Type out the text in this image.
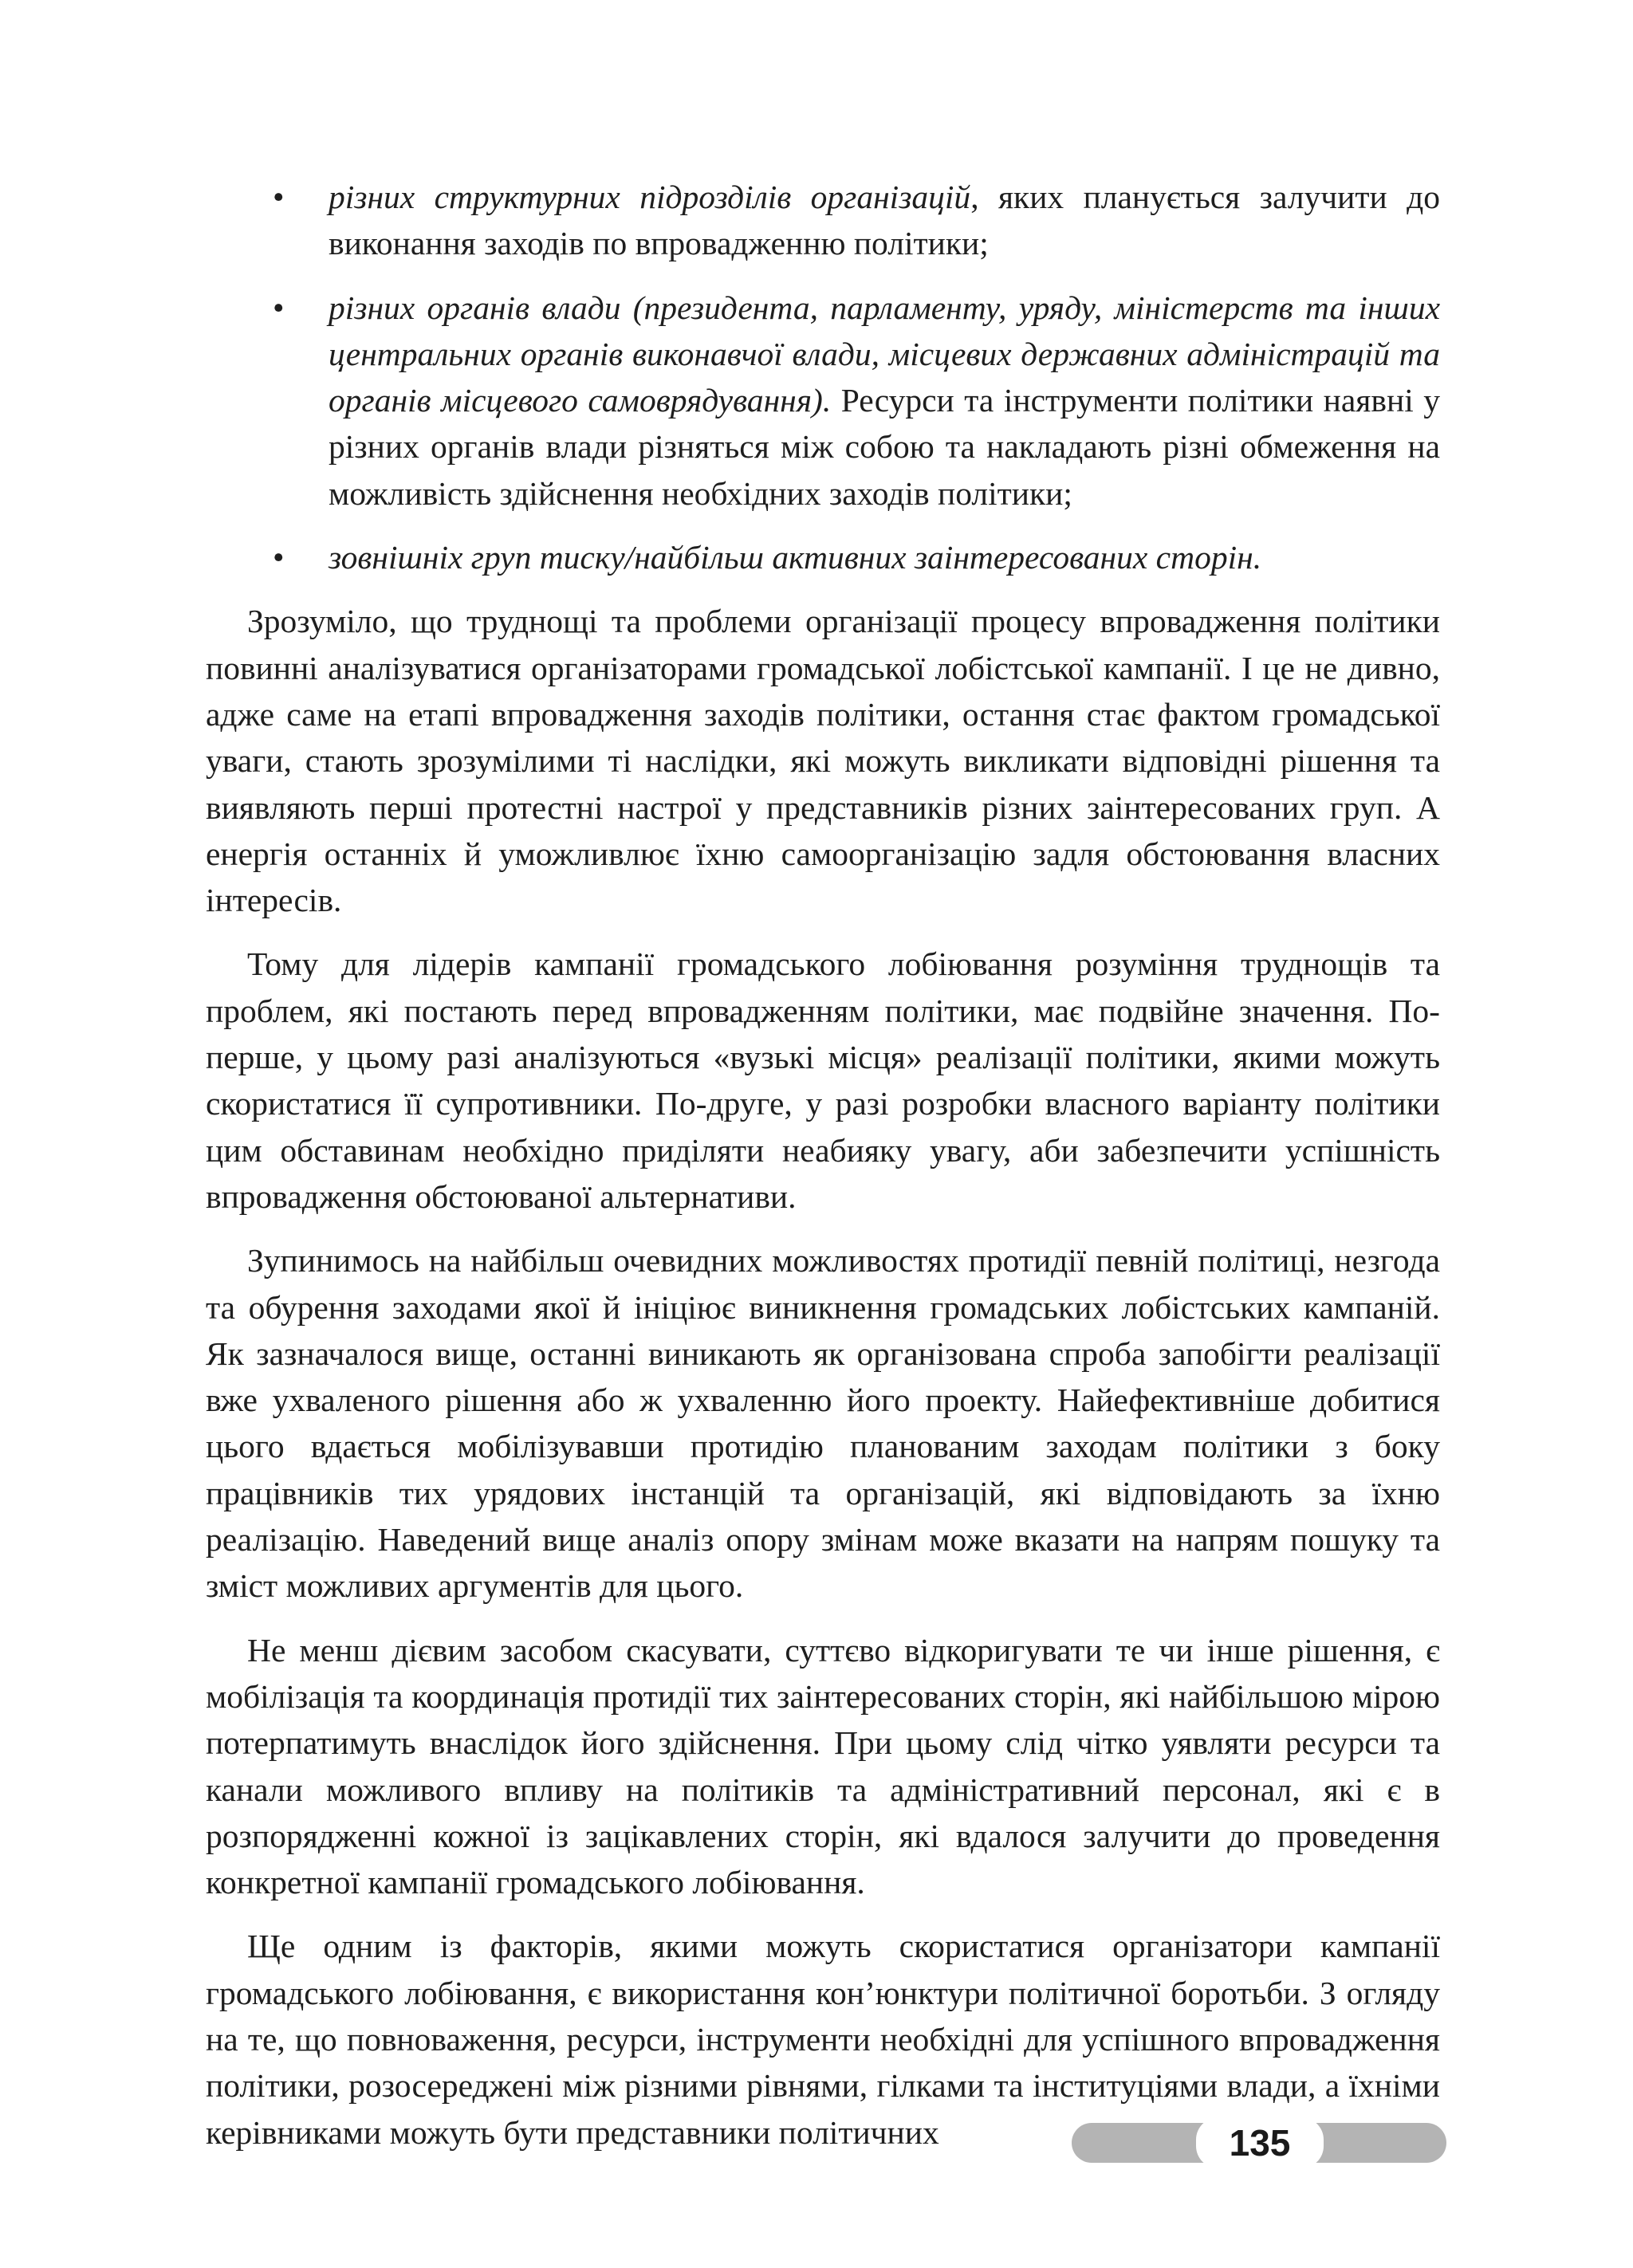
• різних структурних підрозділів організацій, яких планується залучити до виконання заходів по впровадженню політики;
• різних органів влади (президента, парламенту, уряду, міністерств та інших центральних органів виконавчої влади, місцевих державних адміністрацій та органів місцевого самоврядування). Ресурси та інструменти політики наявні у різних органів влади різняться між собою та накладають різні обмеження на можливість здійснення необхідних заходів політики;
• зовнішніх груп тиску/найбільш активних заінтересованих сторін.

Зрозуміло, що труднощі та проблеми організації процесу впровадження політики повинні аналізуватися організаторами громадської лобістської кампанії. І це не дивно, адже саме на етапі впровадження заходів політики, остання стає фактом громадської уваги, стають зрозумілими ті наслідки, які можуть викликати відповідні рішення та виявляють перші протестні настрої у представників різних заінтересованих груп. А енергія останніх й уможливлює їхню самоорганізацію задля обстоювання власних інтересів.

Тому для лідерів кампанії громадського лобіювання розуміння труднощів та проблем, які постають перед впровадженням політики, має подвійне значення. По-перше, у цьому разі аналізуються «вузькі місця» реалізації політики, якими можуть скористатися її супротивники. По-друге, у разі розробки власного варіанту політики цим обставинам необхідно приділяти неабияку увагу, аби забезпечити успішність впровадження обстоюваної альтернативи.

Зупинимось на найбільш очевидних можливостях протидії певній політиці, незгода та обурення заходами якої й ініціює виникнення громадських лобістських кампаній. Як зазначалося вище, останні виникають як організована спроба запобігти реалізації вже ухваленого рішення або ж ухваленню його проекту. Найефективніше добитися цього вдається мобілізувавши протидію планованим заходам політики з боку працівників тих урядових інстанцій та організацій, які відповідають за їхню реалізацію. Наведений вище аналіз опору змінам може вказати на напрям пошуку та зміст можливих аргументів для цього.

Не менш дієвим засобом скасувати, суттєво відкоригувати те чи інше рішення, є мобілізація та координація протидії тих заінтересованих сторін, які найбільшою мірою потерпатимуть внаслідок його здійснення. При цьому слід чітко уявляти ресурси та канали можливого впливу на політиків та адміністративний персонал, які є в розпорядженні кожної із зацікавлених сторін, які вдалося залучити до проведення конкретної кампанії громадського лобіювання.

Ще одним із факторів, якими можуть скористатися організатори кампанії громадського лобіювання, є використання кон’юнктури політичної боротьби. З огляду на те, що повноваження, ресурси, інструменти необхідні для успішного впровадження політики, розосереджені між різними рівнями, гілками та інституціями влади, а їхніми керівниками можуть бути представники політичних	135
